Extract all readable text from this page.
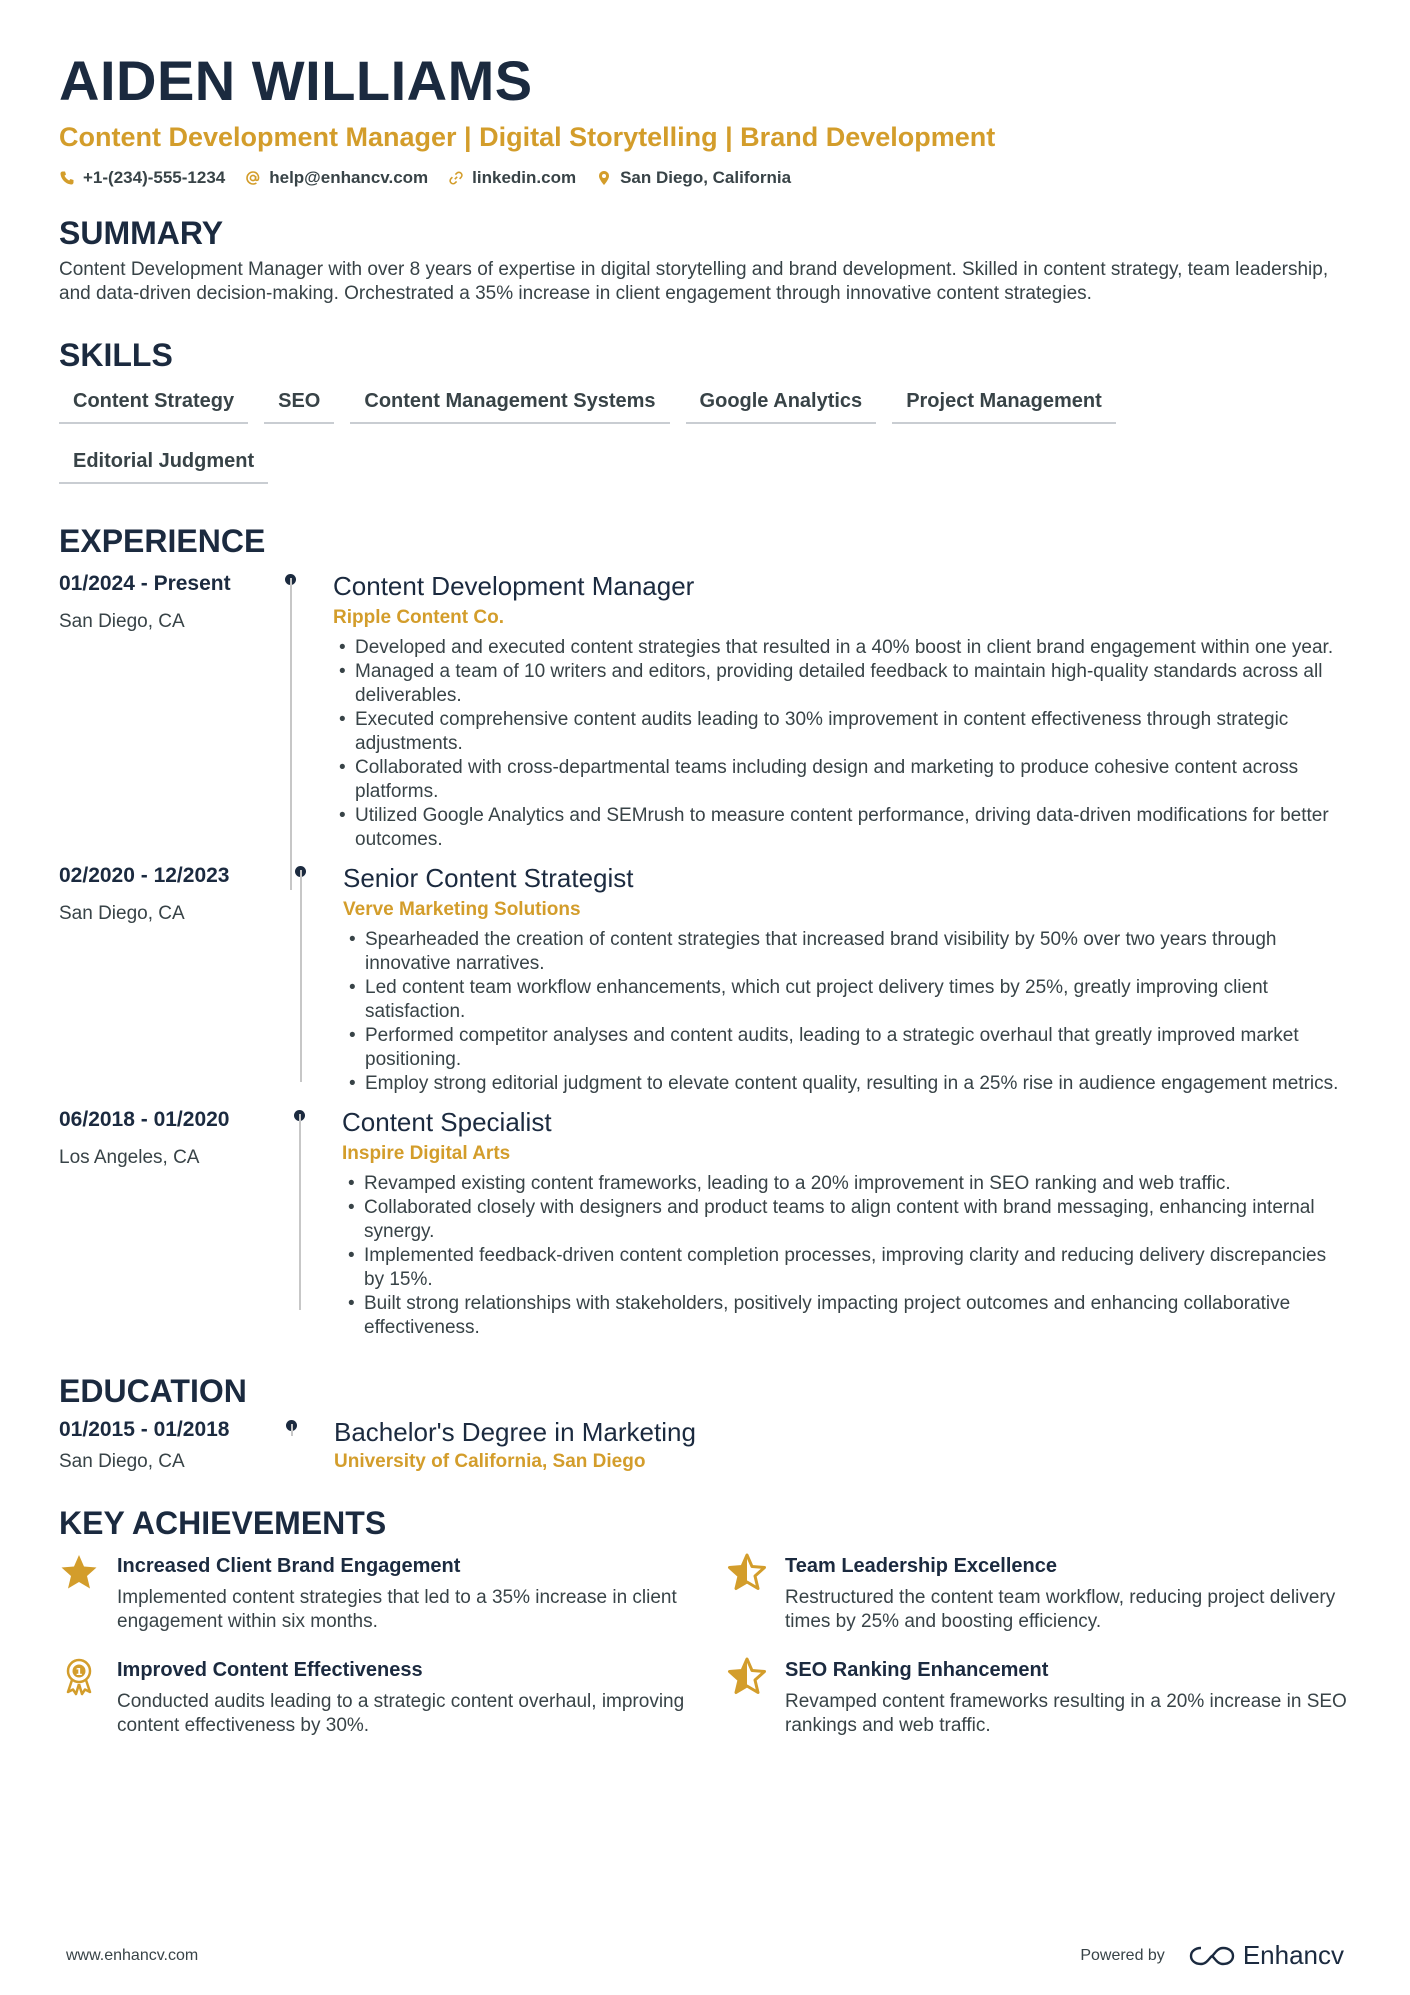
AIDEN WILLIAMS
Content Development Manager | Digital Storytelling | Brand Development
+1-(234)-555-1234	help@enhancv.com	linkedin.com	San Diego, California
SUMMARY

Content Development Manager with over 8 years of expertise in digital storytelling and brand development. Skilled in content strategy, team leadership, and data-driven decision-making. Orchestrated a 35% increase in client engagement through innovative content strategies.

SKILLS
Content Strategy	SEO	Content Management Systems	Google Analytics	Project Management
Editorial Judgment
EXPERIENCE
01/2024 - Present
San Diego, CA
Content Development Manager
Ripple Content Co.
• Developed and executed content strategies that resulted in a 40% boost in client brand engagement within one year.
• Managed a team of 10 writers and editors, providing detailed feedback to maintain high-quality standards across all deliverables.
• Executed comprehensive content audits leading to 30% improvement in content effectiveness through strategic adjustments.
• Collaborated with cross-departmental teams including design and marketing to produce cohesive content across platforms.
• Utilized Google Analytics and SEMrush to measure content performance, driving data-driven modifications for better outcomes.
02/2020 - 12/2023
San Diego, CA
Senior Content Strategist
Verve Marketing Solutions
• Spearheaded the creation of content strategies that increased brand visibility by 50% over two years through innovative narratives.
• Led content team workflow enhancements, which cut project delivery times by 25%, greatly improving client satisfaction.
• Performed competitor analyses and content audits, leading to a strategic overhaul that greatly improved market positioning.
• Employ strong editorial judgment to elevate content quality, resulting in a 25% rise in audience engagement metrics.
06/2018 - 01/2020
Los Angeles, CA
Content Specialist
Inspire Digital Arts
• Revamped existing content frameworks, leading to a 20% improvement in SEO ranking and web traffic.
• Collaborated closely with designers and product teams to align content with brand messaging, enhancing internal synergy.
• Implemented feedback-driven content completion processes, improving clarity and reducing delivery discrepancies by 15%.
• Built strong relationships with stakeholders, positively impacting project outcomes and enhancing collaborative effectiveness.
EDUCATION
01/2015 - 01/2018
San Diego, CA
Bachelor's Degree in Marketing
University of California, San Diego
KEY ACHIEVEMENTS
Increased Client Brand Engagement
Implemented content strategies that led to a 35% increase in client engagement within six months.
Team Leadership Excellence
Restructured the content team workflow, reducing project delivery times by 25% and boosting efficiency.
1 Improved Content Effectiveness
Conducted audits leading to a strategic content overhaul, improving content effectiveness by 30%.
SEO Ranking Enhancement
Revamped content frameworks resulting in a 20% increase in SEO rankings and web traffic.
www.enhancv.com	Powered by	Enhancv
